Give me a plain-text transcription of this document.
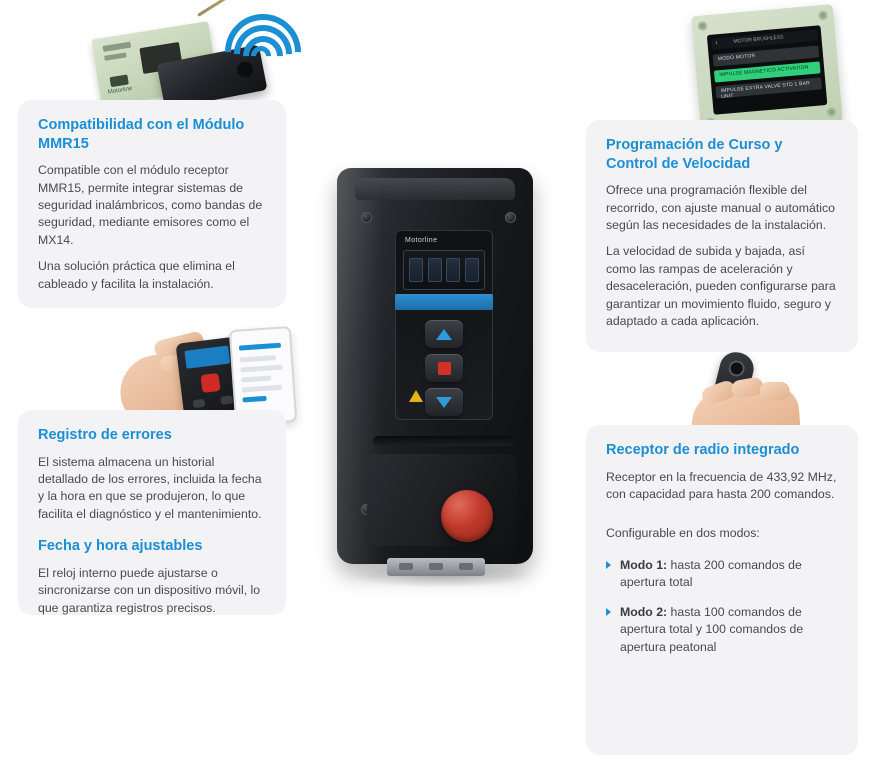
Motorline
‹	MOTOR BRUSHLESS
MODO MOTOR
IMPULSE MAGNETICO ACTIVATION
IMPULSE EXTRA VALVE STD 1 BAR UNIT
Motorline
Compatibilidad con el Módulo MMR15

Compatible con el módulo receptor MMR15, permite integrar sistemas de seguridad inalámbricos, como bandas de seguridad, mediante emisores como el MX14.

Una solución práctica que elimina el cableado y facilita la instalación.

Programación de Curso y Control de Velocidad

Ofrece una programación flexible del recorrido, con ajuste manual o automático según las necesidades de la instalación.

La velocidad de subida y bajada, así como las rampas de aceleración y desaceleración, pueden configurarse para garantizar un movimiento fluido, seguro y adaptado a cada aplicación.

Registro de errores

El sistema almacena un historial detallado de los errores, incluida la fecha y la hora en que se produjeron, lo que facilita el diagnóstico y el mantenimiento.

Fecha y hora ajustables

El reloj interno puede ajustarse o sincronizarse con un dispositivo móvil, lo que garantiza registros precisos.

Receptor de radio integrado

Receptor en la frecuencia de 433,92 MHz, con capacidad para hasta 200 comandos.

Configurable en dos modos:

Modo 1: hasta 200 comandos de apertura total
Modo 2: hasta 100 comandos de apertura total y 100 comandos de apertura peatonal
